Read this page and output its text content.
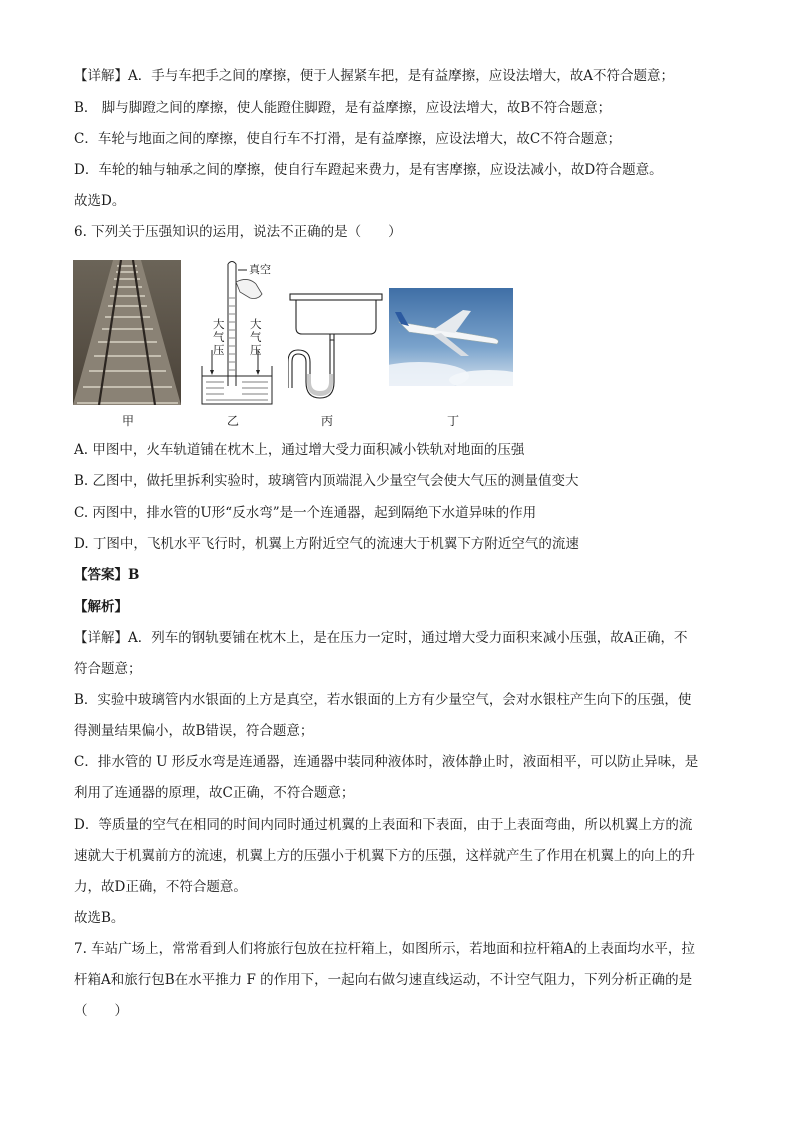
【详解】A．手与车把手之间的摩擦，便于人握紧车把，是有益摩擦，应设法增大，故A不符合题意；
B． 脚与脚蹬之间的摩擦，使人能蹬住脚蹬，是有益摩擦，应设法增大，故B不符合题意；
C．车轮与地面之间的摩擦，使自行车不打滑，是有益摩擦，应设法增大，故C不符合题意；
D．车轮的轴与轴承之间的摩擦，使自行车蹬起来费力，是有害摩擦，应设法减小，故D符合题意。
故选D。
6. 下列关于压强知识的运用，说法不正确的是（　　）
甲
真空
大气压
大气压
乙	丙	丁
A. 甲图中，火车轨道铺在枕木上，通过增大受力面积减小铁轨对地面的压强
B. 乙图中，做托里拆利实验时，玻璃管内顶端混入少量空气会使大气压的测量值变大
C. 丙图中，排水管的U形“反水弯”是一个连通器，起到隔绝下水道异味的作用
D. 丁图中，飞机水平飞行时，机翼上方附近空气的流速大于机翼下方附近空气的流速
【答案】B
【解析】
【详解】A．列车的钢轨要铺在枕木上，是在压力一定时，通过增大受力面积来减小压强，故A正确，不
符合题意；
B．实验中玻璃管内水银面的上方是真空，若水银面的上方有少量空气，会对水银柱产生向下的压强，使
得测量结果偏小，故B错误，符合题意；
C．排水管的 U 形反水弯是连通器，连通器中装同种液体时，液体静止时，液面相平，可以防止异味，是
利用了连通器的原理，故C正确，不符合题意；
D．等质量的空气在相同的时间内同时通过机翼的上表面和下表面，由于上表面弯曲，所以机翼上方的流
速就大于机翼前方的流速，机翼上方的压强小于机翼下方的压强，这样就产生了作用在机翼上的向上的升
力，故D正确，不符合题意。
故选B。
7. 车站广场上，常常看到人们将旅行包放在拉杆箱上，如图所示，若地面和拉杆箱A的上表面均水平，拉
杆箱A和旅行包B在水平推力 F 的作用下，一起向右做匀速直线运动，不计空气阻力，下列分析正确的是
（　　）
